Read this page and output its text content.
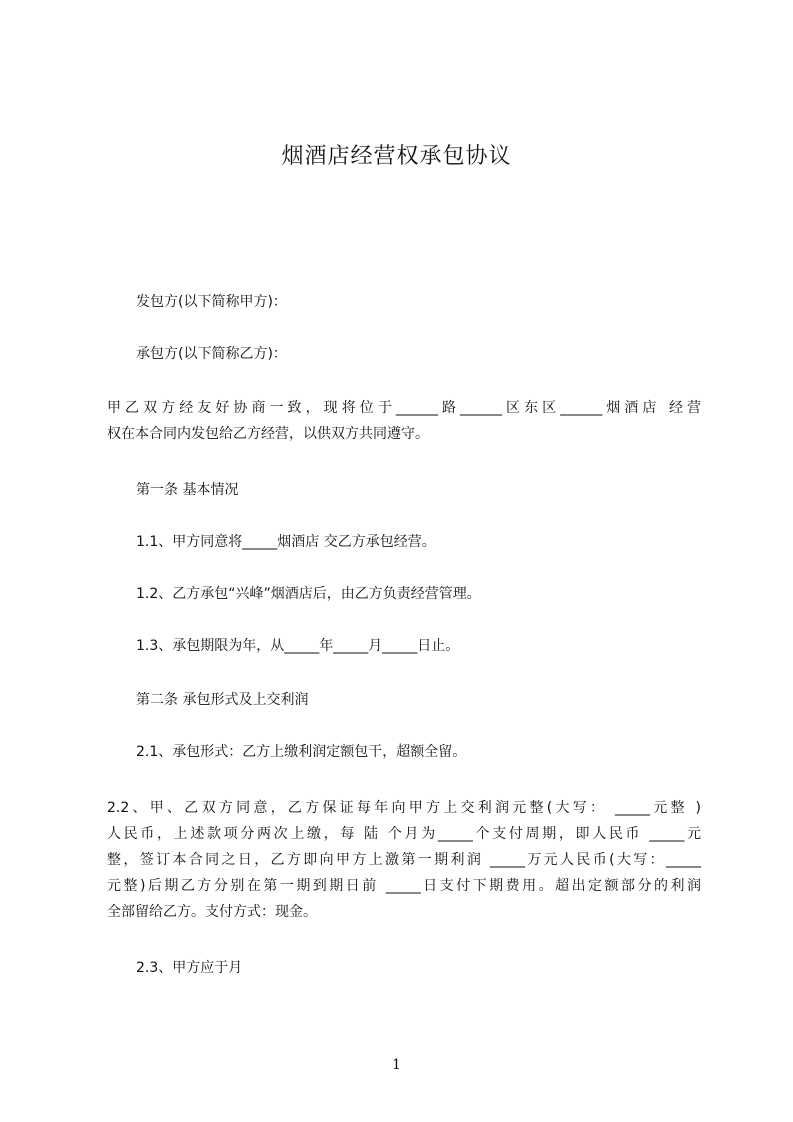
烟酒店经营权承包协议
发包方(以下简称甲方)：
承包方(以下简称乙方)：
甲乙双方经友好协商一致，现将位于______路______区东区______烟酒店 经营
权在本合同内发包给乙方经营，以供双方共同遵守。
第一条 基本情况
1.1、甲方同意将_____烟酒店 交乙方承包经营。
1.2、乙方承包“兴峰”烟酒店后，由乙方负责经营管理。
1.3、承包期限为年，从_____年_____月_____日止。
第二条 承包形式及上交利润
2.1、承包形式：乙方上缴利润定额包干，超额全留。
2.2、甲、乙双方同意，乙方保证每年向甲方上交利润元整(大写： _____元整 )
人民币，上述款项分两次上缴，每 陆 个月为_____个支付周期，即人民币 _____元
整，签订本合同之日，乙方即向甲方上激第一期利润 _____万元人民币(大写：_____
元整)后期乙方分别在第一期到期日前 _____日支付下期费用。超出定额部分的利润
全部留给乙方。支付方式：现金。
2.3、甲方应于月
1
